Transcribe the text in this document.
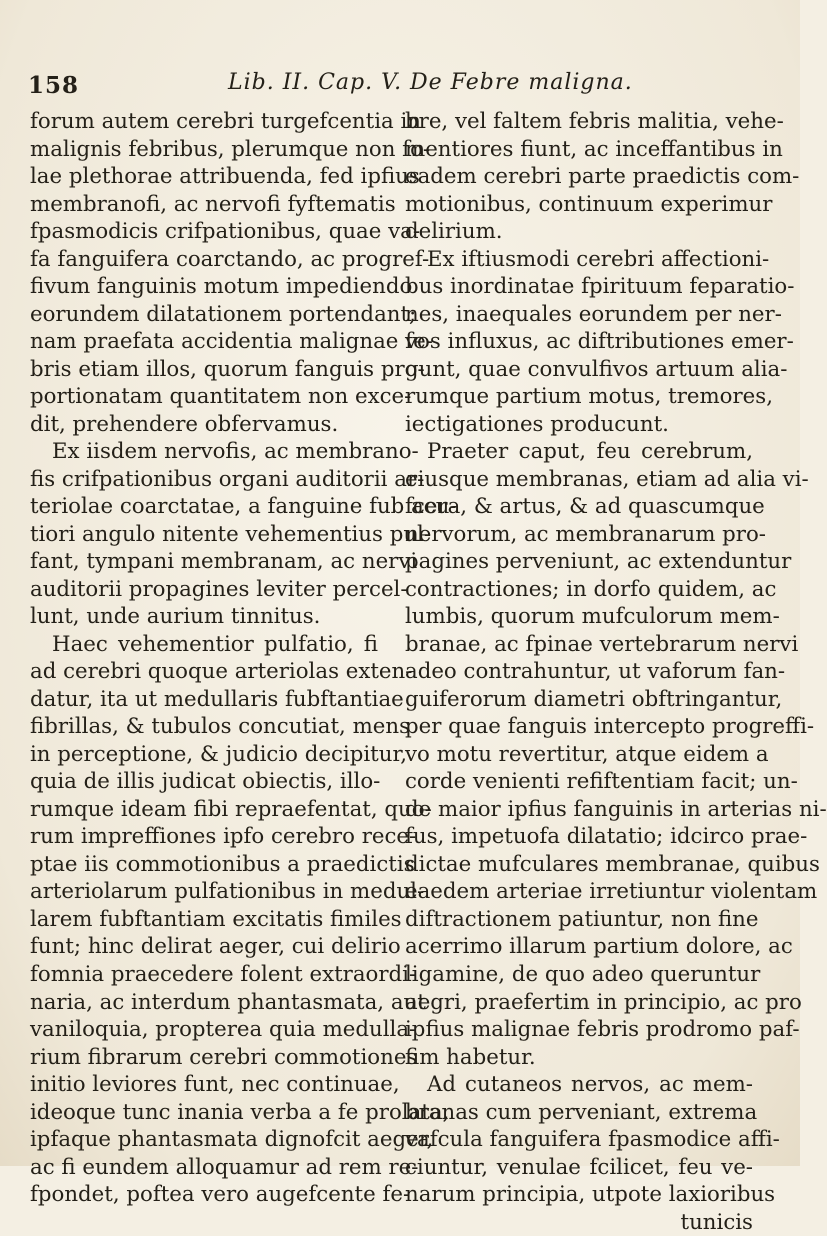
158	Lib. II. Cap. V. De Febre maligna.
forum autem cerebri turgefcentia in
malignis febribus, plerumque non fo-
lae plethorae attribuenda, fed ipfius
membranofi, ac nervofi fyftematis
fpasmodicis crifpationibus, quae va-
fa fanguifera coarctando, ac progref-
fivum fanguinis motum impediendo
eorundem dilatationem portendant;
nam praefata accidentia malignae fe-
bris etiam illos, quorum fanguis pro-
portionatam quantitatem non exce-
dit, prehendere obfervamus.
Ex iisdem nervofis, ac membrano-
fis crifpationibus organi auditorii ar-
teriolae coarctatae, a fanguine fub acu-
tiori angulo nitente vehementius pul-
fant, tympani membranam, ac nervi
auditorii propagines leviter percel-
lunt, unde aurium tinnitus.
Haec vehementior pulfatio, fi
ad cerebri quoque arteriolas exten-
datur, ita ut medullaris fubftantiae
fibrillas, & tubulos concutiat, mens
in perceptione, & judicio decipitur,
quia de illis judicat obiectis, illo-
rumque ideam fibi repraefentat, quo-
rum impreffiones ipfo cerebro rece-
ptae iis commotionibus a praedictis
arteriolarum pulfationibus in medul-
larem fubftantiam excitatis fimiles
funt; hinc delirat aeger, cui delirio
fomnia praecedere folent extraordi-
naria, ac interdum phantasmata, aut
vaniloquia, propterea quia medulla-
rium fibrarum cerebri commotiones
initio leviores funt, nec continuae,
ideoque tunc inania verba a fe prolata,
ipfaque phantasmata dignofcit aeger,
ac fi eundem alloquamur ad rem re-
fpondet, poftea vero augefcente fe-
bre, vel faltem febris malitia, vehe-
mentiores fiunt, ac inceffantibus in
eadem cerebri parte praedictis com-
motionibus, continuum experimur
delirium.
Ex iftiusmodi cerebri affectioni-
bus inordinatae fpirituum feparatio-
nes, inaequales eorundem per ner-
vos influxus, ac diftributiones emer-
gunt, quae convulfivos artuum alia-
rumque partium motus, tremores,
iectigationes producunt.
Praeter caput, feu cerebrum,
eiusque membranas, etiam ad alia vi-
fcera, & artus, & ad quascumque
nervorum, ac membranarum pro-
pagines perveniunt, ac extenduntur
contractiones; in dorfo quidem, ac
lumbis, quorum mufculorum mem-
branae, ac fpinae vertebrarum nervi
adeo contrahuntur, ut vaforum fan-
guiferorum diametri obftringantur,
per quae fanguis intercepto progreffi-
vo motu revertitur, atque eidem a
corde venienti refiftentiam facit; un-
de maior ipfius fanguinis in arterias ni-
fus, impetuofa dilatatio; idcirco prae-
dictae mufculares membranae, quibus
eaedem arteriae irretiuntur violentam
diftractionem patiuntur, non fine
acerrimo illarum partium dolore, ac
ligamine, de quo adeo queruntur
aegri, praefertim in principio, ac pro
ipfius malignae febris prodromo paf-
fim habetur.
Ad cutaneos nervos, ac mem-
branas cum perveniant, extrema
vafcula fanguifera fpasmodice affi-
ciuntur, venulae fcilicet, feu ve-
narum principia, utpote laxioribus
tunicis
